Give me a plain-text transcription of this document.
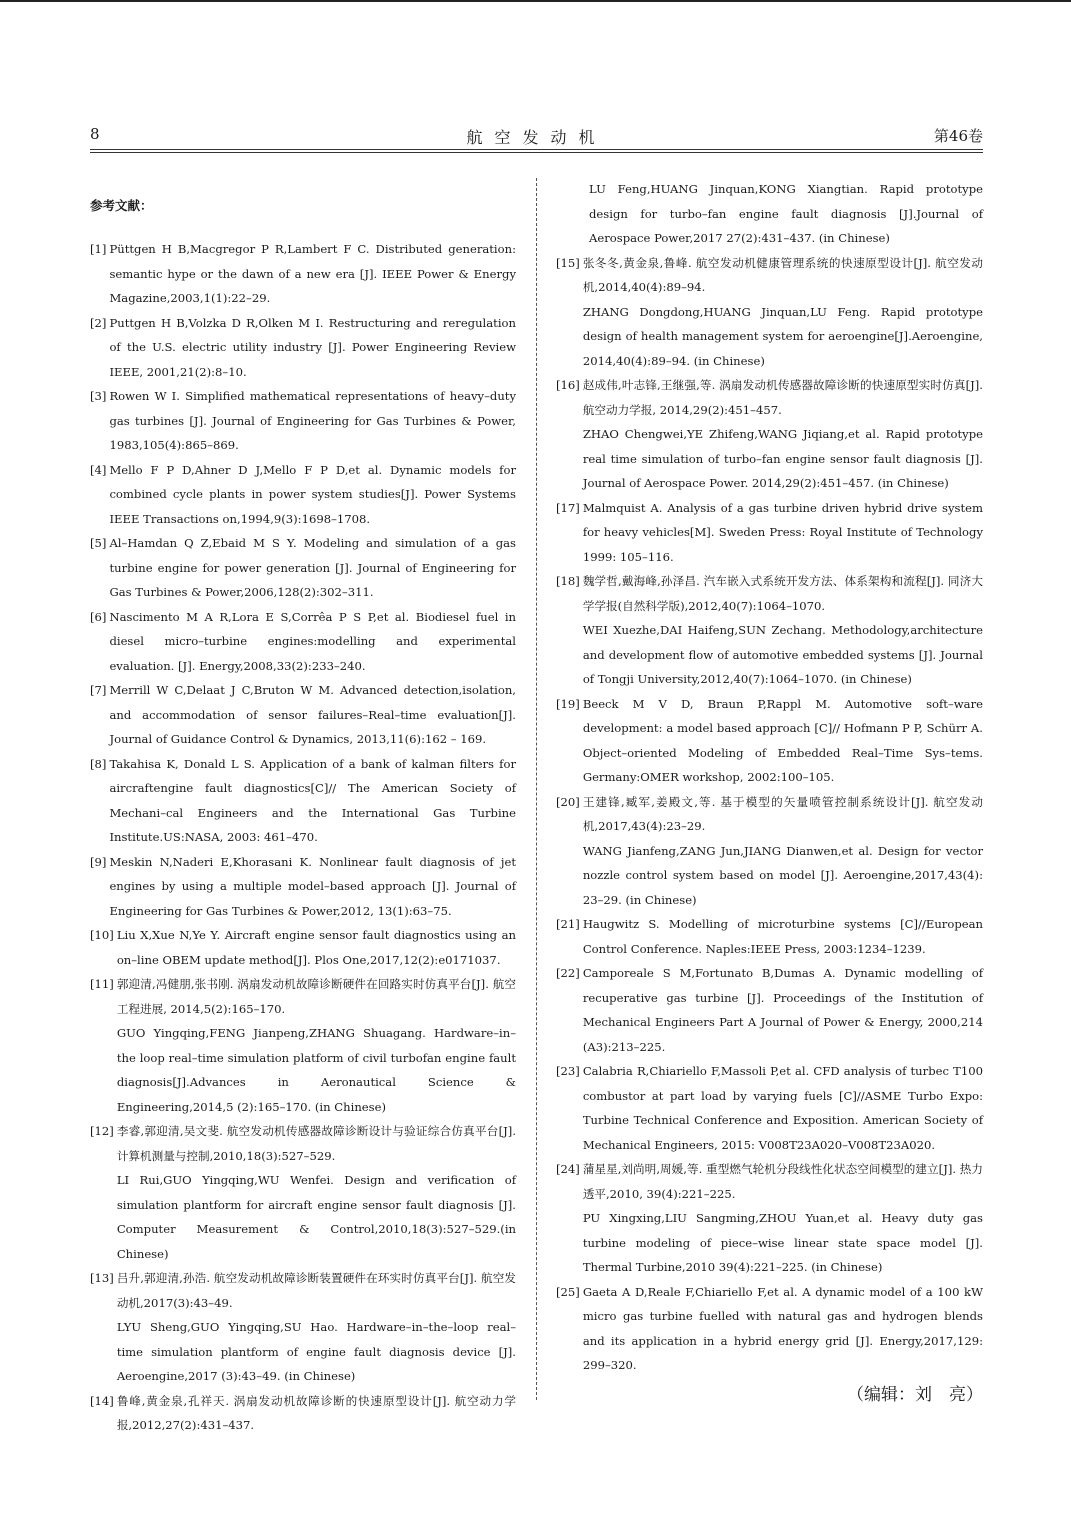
8	航空发动机	第46卷
参考文献：
[1] Püttgen H B,Macgregor P R,Lambert F C. Distributed generation: semantic hype or the dawn of a new era [J]. IEEE Power & Energy Magazine,2003,1(1):22–29.
[2] Puttgen H B,Volzka D R,Olken M I. Restructuring and reregulation of the U.S. electric utility industry [J]. Power Engineering Review IEEE, 2001,21(2):8–10.
[3] Rowen W I. Simplified mathematical representations of heavy–duty gas turbines [J]. Journal of Engineering for Gas Turbines & Power, 1983,105(4):865–869.
[4] Mello F P D,Ahner D J,Mello F P D,et al. Dynamic models for combined cycle plants in power system studies[J]. Power Systems IEEE Transactions on,1994,9(3):1698–1708.
[5] Al–Hamdan Q Z,Ebaid M S Y. Modeling and simulation of a gas turbine engine for power generation [J]. Journal of Engineering for Gas Turbines & Power,2006,128(2):302–311.
[6] Nascimento M A R,Lora E S,Corrêa P S P,et al. Biodiesel fuel in diesel micro–turbine engines:modelling and experimental evaluation. [J]. Energy,2008,33(2):233–240.
[7] Merrill W C,Delaat J C,Bruton W M. Advanced detection,isolation, and accommodation of sensor failures–Real–time evaluation[J]. Journal of Guidance Control & Dynamics, 2013,11(6):162 – 169.
[8] Takahisa K, Donald L S. Application of a bank of kalman filters for aircraftengine fault diagnostics[C]// The American Society of Mechani–cal Engineers and the International Gas Turbine Institute.US:NASA, 2003: 461–470.
[9] Meskin N,Naderi E,Khorasani K. Nonlinear fault diagnosis of jet engines by using a multiple model–based approach [J]. Journal of Engineering for Gas Turbines & Power,2012, 13(1):63–75.
[10] Liu X,Xue N,Ye Y. Aircraft engine sensor fault diagnostics using an on–line OBEM update method[J]. Plos One,2017,12(2):e0171037.
[11] 郭迎清,冯健朋,张书刚. 涡扇发动机故障诊断硬件在回路实时仿真平台[J]. 航空工程进展, 2014,5(2):165–170.
GUO Yingqing,FENG Jianpeng,ZHANG Shuagang. Hardware–in–the loop real–time simulation platform of civil turbofan engine fault diagnosis[J].Advances in Aeronautical Science & Engineering,2014,5 (2):165–170. (in Chinese)
[12] 李睿,郭迎清,吴文斐. 航空发动机传感器故障诊断设计与验证综合仿真平台[J]. 计算机测量与控制,2010,18(3):527–529.
LI Rui,GUO Yingqing,WU Wenfei. Design and verification of simulation plantform for aircraft engine sensor fault diagnosis [J]. Computer Measurement & Control,2010,18(3):527–529.(in Chinese)
[13] 吕升,郭迎清,孙浩. 航空发动机故障诊断装置硬件在环实时仿真平台[J]. 航空发动机,2017(3):43–49.
LYU Sheng,GUO Yingqing,SU Hao. Hardware–in–the–loop real–time simulation plantform of engine fault diagnosis device [J]. Aeroengine,2017 (3):43–49. (in Chinese)
[14] 鲁峰,黄金泉,孔祥天. 涡扇发动机故障诊断的快速原型设计[J]. 航空动力学报,2012,27(2):431–437.
LU Feng,HUANG Jinquan,KONG Xiangtian. Rapid prototype design for turbo–fan engine fault diagnosis [J].Journal of Aerospace Power,2017 27(2):431–437. (in Chinese)
[15] 张冬冬,黄金泉,鲁峰. 航空发动机健康管理系统的快速原型设计[J]. 航空发动机,2014,40(4):89–94.
ZHANG Dongdong,HUANG Jinquan,LU Feng. Rapid prototype design of health management system for aeroengine[J].Aeroengine, 2014,40(4):89–94. (in Chinese)
[16] 赵成伟,叶志锋,王继强,等. 涡扇发动机传感器故障诊断的快速原型实时仿真[J]. 航空动力学报, 2014,29(2):451–457.
ZHAO Chengwei,YE Zhifeng,WANG Jiqiang,et al. Rapid prototype real time simulation of turbo–fan engine sensor fault diagnosis [J]. Journal of Aerospace Power. 2014,29(2):451–457. (in Chinese)
[17] Malmquist A. Analysis of a gas turbine driven hybrid drive system for heavy vehicles[M]. Sweden Press: Royal Institute of Technology 1999: 105–116.
[18] 魏学哲,戴海峰,孙泽昌. 汽车嵌入式系统开发方法、体系架构和流程[J]. 同济大学学报(自然科学版),2012,40(7):1064–1070.
WEI Xuezhe,DAI Haifeng,SUN Zechang. Methodology,architecture and development flow of automotive embedded systems [J]. Journal of Tongji University,2012,40(7):1064–1070. (in Chinese)
[19] Beeck M V D, Braun P,Rappl M. Automotive soft–ware development: a model based approach [C]// Hofmann P P, Schürr A. Object–oriented Modeling of Embedded Real–Time Sys–tems. Germany:OMER workshop, 2002:100–105.
[20] 王建锋,臧军,姜殿文,等. 基于模型的矢量喷管控制系统设计[J]. 航空发动机,2017,43(4):23–29.
WANG Jianfeng,ZANG Jun,JIANG Dianwen,et al. Design for vector nozzle control system based on model [J]. Aeroengine,2017,43(4): 23–29. (in Chinese)
[21] Haugwitz S. Modelling of microturbine systems [C]//European Control Conference. Naples:IEEE Press, 2003:1234–1239.
[22] Camporeale S M,Fortunato B,Dumas A. Dynamic modelling of recuperative gas turbine [J]. Proceedings of the Institution of Mechanical Engineers Part A Journal of Power & Energy, 2000,214 (A3):213–225.
[23] Calabria R,Chiariello F,Massoli P,et al. CFD analysis of turbec T100 combustor at part load by varying fuels [C]//ASME Turbo Expo: Turbine Technical Conference and Exposition. American Society of Mechanical Engineers, 2015: V008T23A020–V008T23A020.
[24] 蒲星星,刘尚明,周媛,等. 重型燃气轮机分段线性化状态空间模型的建立[J]. 热力透平,2010, 39(4):221–225.
PU Xingxing,LIU Sangming,ZHOU Yuan,et al. Heavy duty gas turbine modeling of piece–wise linear state space model [J]. Thermal Turbine,2010 39(4):221–225. (in Chinese)
[25] Gaeta A D,Reale F,Chiariello F,et al. A dynamic model of a 100 kW micro gas turbine fuelled with natural gas and hydrogen blends and its application in a hybrid energy grid [J]. Energy,2017,129: 299–320.
（编辑：刘　亮）
